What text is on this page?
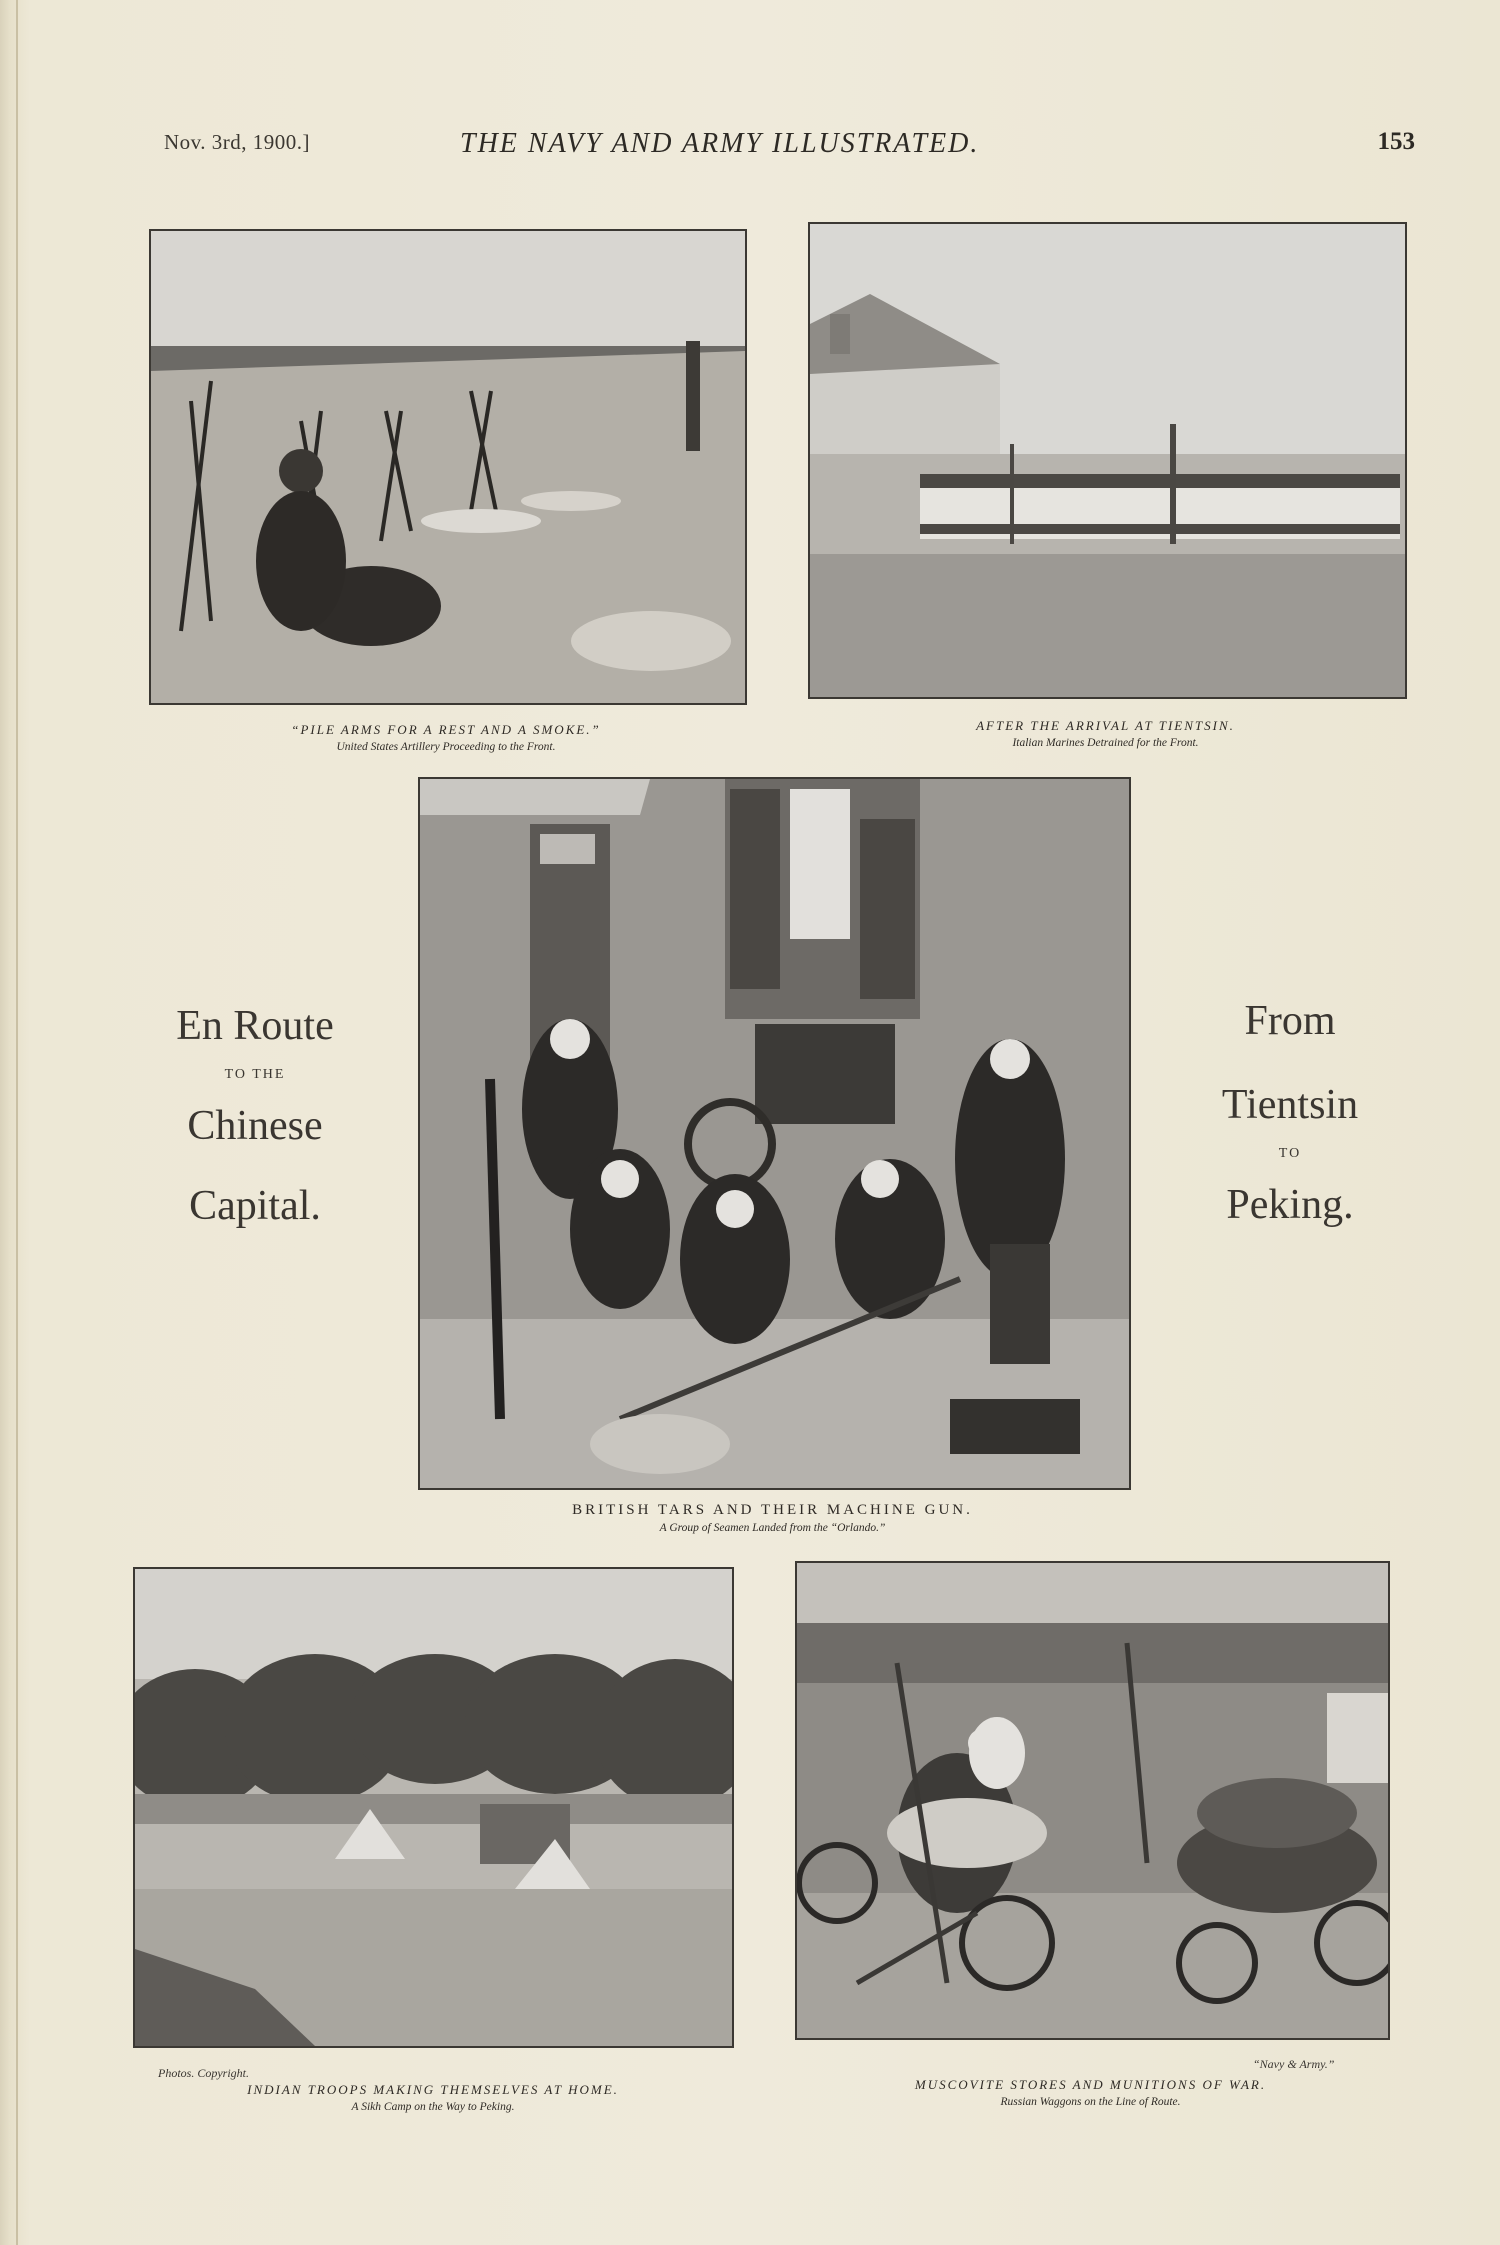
Nov. 3rd, 1900.]	THE NAVY AND ARMY ILLUSTRATED.	153
“PILE ARMS FOR A REST AND A SMOKE.”
United States Artillery Proceeding to the Front.
AFTER THE ARRIVAL AT TIENTSIN.
Italian Marines Detrained for the Front.
En Route
TO THE
Chinese
Capital.
BRITISH TARS AND THEIR MACHINE GUN.
A Group of Seamen Landed from the “Orlando.”
From
Tientsin
TO
Peking.
Photos. Copyright.
INDIAN TROOPS MAKING THEMSELVES AT HOME.
A Sikh Camp on the Way to Peking.
“Navy & Army.”
MUSCOVITE STORES AND MUNITIONS OF WAR.
Russian Waggons on the Line of Route.
